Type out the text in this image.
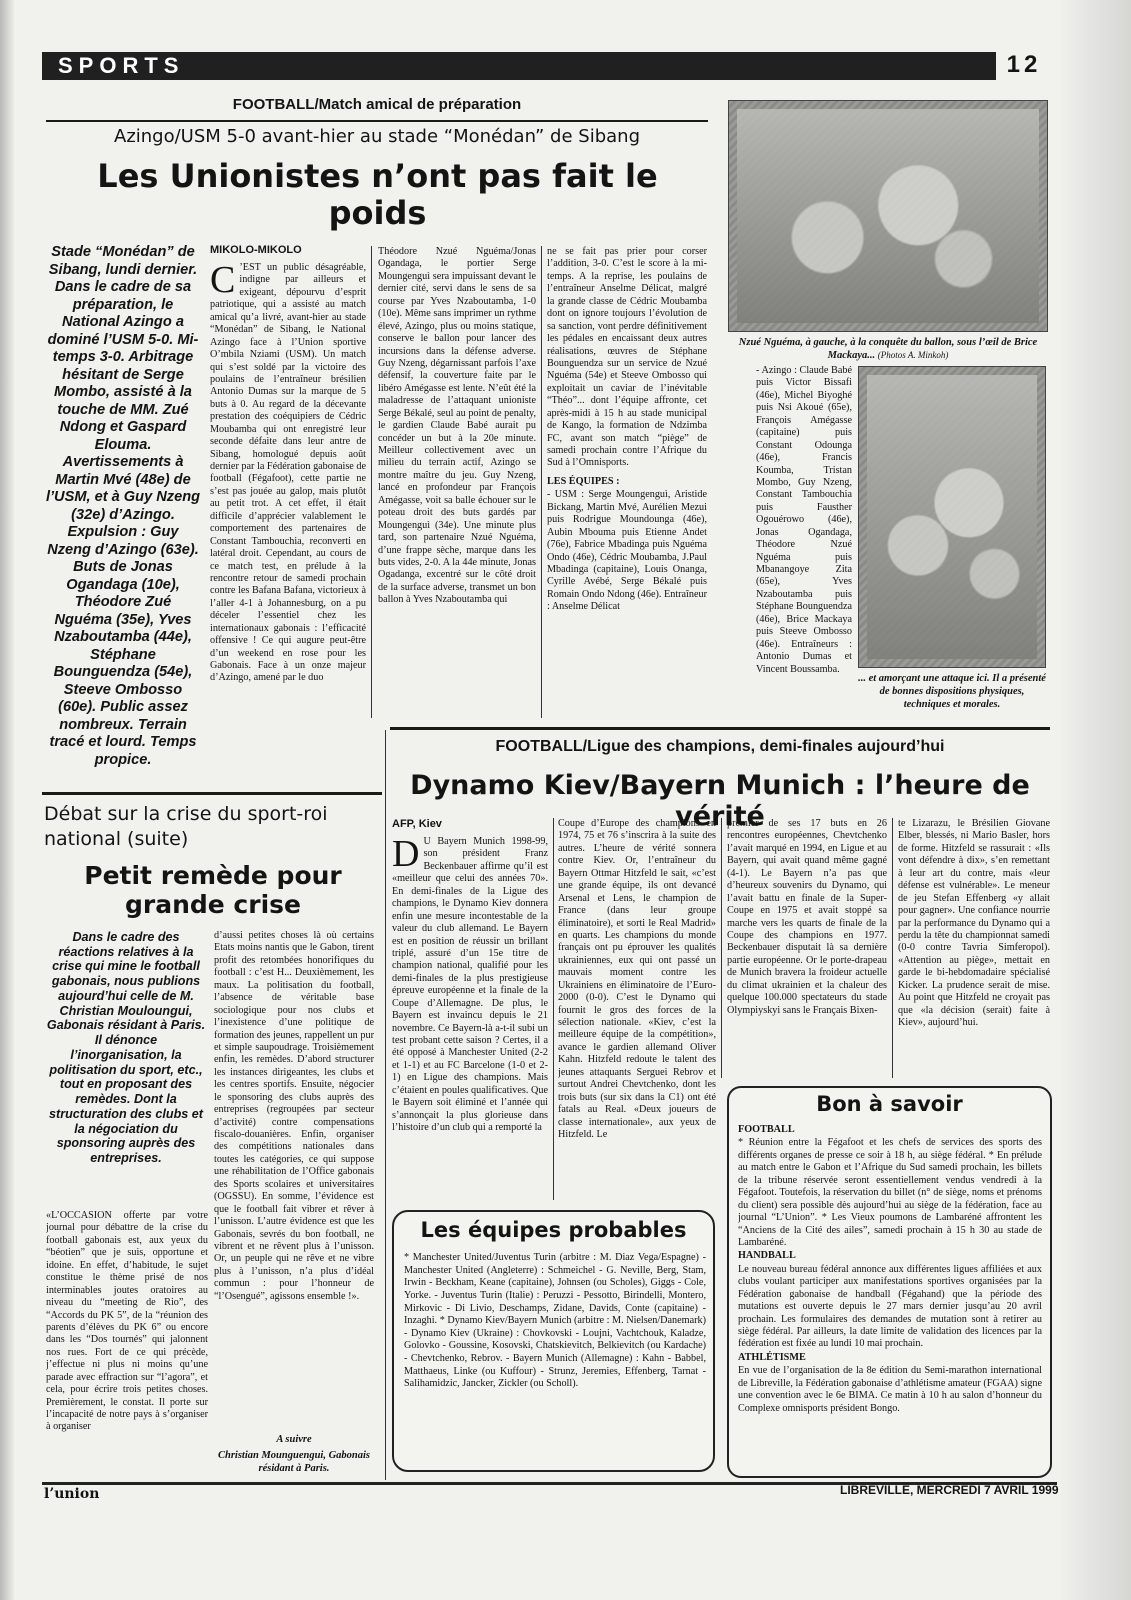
SPORTS	12
FOOTBALL/Match amical de préparation
Azingo/USM 5-0 avant-hier au stade “Monédan” de Sibang
Les Unionistes n’ont pas fait le poids
Stade “Monédan” de Sibang, lundi dernier. Dans le cadre de sa préparation, le National Azingo a dominé l’USM 5-0. Mi-temps 3-0. Arbitrage hésitant de Serge Mombo, assisté à la touche de MM. Zué Ndong et Gaspard Elouma. Avertissements à Martin Mvé (48e) de l’USM, et à Guy Nzeng (32e) d’Azingo. Expulsion : Guy Nzeng d’Azingo (63e). Buts de Jonas Ogandaga (10e), Théodore Zué Nguéma (35e), Yves Nzaboutamba (44e), Stéphane Bounguendza (54e), Steeve Ombosso (60e). Public assez nombreux. Terrain tracé et lourd. Temps propice.
MIKOLO-MIKOLO
C ’EST un public désagréable, indigne par ailleurs et exigeant, dépourvu d’esprit patriotique, qui a assisté au match amical qu’a livré, avant-hier au stade “Monédan” de Sibang, le National Azingo face à l’Union sportive O’mbila Nziami (USM). Un match qui s’est soldé par la victoire des poulains de l’entraîneur brésilien Antonio Dumas sur la marque de 5 buts à 0. Au regard de la décevante prestation des coéquipiers de Cédric Moubamba qui ont enregistré leur seconde défaite dans leur antre de Sibang, homologué depuis août dernier par la Fédération gabonaise de football (Fégafoot), cette partie ne s’est pas jouée au galop, mais plutôt au petit trot. A cet effet, il était difficile d’apprécier valablement le comportement des partenaires de Constant Tambouchia, reconverti en latéral droit. Cependant, au cours de ce match test, en prélude à la rencontre retour de samedi prochain contre les Bafana Bafana, victorieux à l’aller 4-1 à Johannesburg, on a pu déceler l’essentiel chez les internationaux gabonais : l’efficacité offensive ! Ce qui augure peut-être d’un weekend en rose pour les Gabonais. Face à un onze majeur d’Azingo, amené par le duo
Théodore Nzué Nguéma/Jonas Ogandaga, le portier Serge Moungenguì sera impuissant devant le dernier cité, servi dans le sens de sa course par Yves Nzaboutamba, 1-0 (10e). Même sans imprimer un rythme élevé, Azingo, plus ou moins statique, conserve le ballon pour lancer des incursions dans la défense adverse. Guy Nzeng, dégarnissant parfois l’axe défensif, la couverture faite par le libéro Amégasse est lente. N’eût été la maladresse de l’attaquant unioniste Serge Békalé, seul au point de penalty, le gardien Claude Babé aurait pu concéder un but à la 20e minute. Meilleur collectivement avec un milieu du terrain actif, Azingo se montre maître du jeu. Guy Nzeng, lancé en profondeur par François Amégasse, voit sa balle échouer sur le poteau droit des buts gardés par Moungenguì (34e). Une minute plus tard, son partenaire Nzué Nguéma, d’une frappe sèche, marque dans les buts vides, 2-0. A la 44e minute, Jonas Ogadanga, excentré sur le côté droit de la surface adverse, transmet un bon ballon à Yves Nzaboutamba qui

ne se fait pas prier pour corser l’addition, 3-0. C’est le score à la mi-temps. A la reprise, les poulains de l’entraîneur Anselme Délicat, malgré la grande classe de Cédric Moubamba dont on ignore toujours l’évolution de sa sanction, vont perdre définitivement les pédales en encaissant deux autres réalisations, œuvres de Stéphane Bounguendza sur un service de Nzué Nguéma (54e) et Steeve Ombosso qui exploitait un caviar de l’inévitable “Théo”... dont l’équipe affronte, cet après-midi à 15 h au stade municipal de Kango, la formation de Ndzimba FC, avant son match “piège” de samedi prochain contre l’Afrique du Sud à l’Omnisports.

LES ÉQUIPES :

- USM : Serge Moungenguì, Aristide Bickang, Martin Mvé, Aurélien Mezui puis Rodrigue Moundounga (46e), Aubin Mbouma puis Etienne Andet (76e), Fabrice Mbadinga puis Nguéma Ondo (46e), Cédric Moubamba, J.Paul Mbadinga (capitaine), Louis Onanga, Cyrille Avébé, Serge Békalé puis Romain Ondo Ndong (46e). Entraîneur : Anselme Délicat

Nzué Nguéma, à gauche, à la conquête du ballon, sous l’œil de Brice Mackaya... (Photos A. Minkoh)
- Azingo : Claude Babé puis Victor Bissafi (46e), Michel Biyoghé puis Nsi Akoué (65e), François Amégasse (capitaine) puis Constant Odounga (46e), Francis Koumba, Tristan Mombo, Guy Nzeng, Constant Tambouchia puis Fausther Ogouérowo (46e), Jonas Ogandaga, Théodore Nzué Nguéma puis Mbanangoye Zita (65e), Yves Nzaboutamba puis Stéphane Bounguendza (46e), Brice Mackaya puis Steeve Ombosso (46e). Entraîneurs : Antonio Dumas et Vincent Boussamba.
... et amorçant une attaque ici. Il a présenté de bonnes dispositions physiques, techniques et morales.
Débat sur la crise du sport-roi national (suite)
Petit remède pour grande crise
Dans le cadre des réactions relatives à la crise qui mine le football gabonais, nous publions aujourd’hui celle de M. Christian Mouloungui, Gabonais résidant à Paris. Il dénonce l’inorganisation, la politisation du sport, etc., tout en proposant des remèdes. Dont la structuration des clubs et la négociation du sponsoring auprès des entreprises.
«L’OCCASION offerte par votre journal pour débattre de la crise du football gabonais est, aux yeux du “béotien” que je suis, opportune et idoine. En effet, d’habitude, le sujet constitue le thème prisé de nos interminables joutes oratoires au niveau du “meeting de Rio”, des “Accords du PK 5”, de la “réunion des parents d’élèves du PK 6” ou encore dans les “Dos tournés” qui jalonnent nos rues. Fort de ce qui précède, j’effectue ni plus ni moins qu’une parade avec effraction sur “l’agora”, et cela, pour écrire trois petites choses. Premièrement, le constat. Il porte sur l’incapacité de notre pays à s’organiser à organiser
d’aussi petites choses là où certains Etats moins nantis que le Gabon, tirent profit des retombées honorifiques du football : c’est H... Deuxièmement, les maux. La politisation du football, l’absence de véritable base sociologique pour nos clubs et l’inexistence d’une politique de formation des jeunes, rappellent un pur et simple saupoudrage. Troisièmement enfin, les remèdes. D’abord structurer les instances dirigeantes, les clubs et les centres sportifs. Ensuite, négocier le sponsoring des clubs auprès des entreprises (regroupées par secteur d’activité) contre compensations fiscalo-douanières. Enfin, organiser des compétitions nationales dans toutes les catégories, ce qui suppose une réhabilitation de l’Office gabonais des Sports scolaires et universitaires (OGSSU). En somme, l’évidence est que le football fait vibrer et rêver à l’unisson. L’autre évidence est que les Gabonais, sevrés du bon football, ne vibrent et ne rêvent plus à l’unisson. Or, un peuple qui ne rêve et ne vibre plus à l’unisson, n’a plus d’idéal commun : pour l’honneur de “l’Osengué”, agissons ensemble !».
A suivre
Christian Mounguengui, Gabonais résidant à Paris.
FOOTBALL/Ligue des champions, demi-finales aujourd’hui
Dynamo Kiev/Bayern Munich : l’heure de vérité
AFP, Kiev
D U Bayern Munich 1998-99, son président Franz Beckenbauer affirme qu’il est «meilleur que celui des années 70». En demi-finales de la Ligue des champions, le Dynamo Kiev donnera enfin une mesure incontestable de la valeur du club allemand. Le Bayern est en position de réussir un brillant triplé, assuré d’un 15e titre de champion national, qualifié pour les demi-finales de la plus prestigieuse épreuve européenne et la finale de la Coupe d’Allemagne. De plus, le Bayern est invaincu depuis le 21 novembre. Ce Bayern-là a-t-il subi un test probant cette saison ? Certes, il a été opposé à Manchester United (2-2 et 1-1) et au FC Barcelone (1-0 et 2-1) en Ligue des champions. Mais c’étaient en poules qualificatives. Que le Bayern soit éliminé et l’année qui s’annonçait la plus glorieuse dans l’histoire d’un club qui a remporté la
Coupe d’Europe des champions en 1974, 75 et 76 s’inscrira à la suite des autres. L’heure de vérité sonnera contre Kiev. Or, l’entraîneur du Bayern Ottmar Hitzfeld le sait, «c’est une grande équipe, ils ont devancé Arsenal et Lens, le champion de France (dans leur groupe éliminatoire), et sorti le Real Madrid» en quarts. Les champions du monde français ont pu éprouver les qualités ukrainiennes, eux qui ont passé un mauvais moment contre les Ukrainiens en éliminatoire de l’Euro-2000 (0-0). C’est le Dynamo qui fournit le gros des forces de la sélection nationale. «Kiev, c’est la meilleure équipe de la compétition», avance le gardien allemand Oliver Kahn. Hitzfeld redoute le talent des jeunes attaquants Serguei Rebrov et surtout Andrei Chevtchenko, dont les trois buts (sur six dans la C1) ont été fatals au Real. «Deux joueurs de classe internationale», aux yeux de Hitzfeld. Le
premier de ses 17 buts en 26 rencontres européennes, Chevtchenko l’avait marqué en 1994, en Ligue et au Bayern, qui avait quand même gagné (4-1). Le Bayern n’a pas que d’heureux souvenirs du Dynamo, qui l’avait battu en finale de la Super-Coupe en 1975 et avait stoppé sa marche vers les quarts de finale de la Coupe des champions en 1977. Beckenbauer disputait là sa dernière partie européenne. Or le porte-drapeau de Munich bravera la froideur actuelle du climat ukrainien et la chaleur des quelque 100.000 spectateurs du stade Olympiyskyi sans le Français Bixen-
te Lizarazu, le Brésilien Giovane Elber, blessés, ni Mario Basler, hors de forme. Hitzfeld se rassurait : «Ils vont défendre à dix», s’en remettant à leur art du contre, mais «leur défense est vulnérable». Le meneur de jeu Stefan Effenberg «y allait pour gagner». Une confiance nourrie par la performance du Dynamo qui a perdu la tête du championnat samedi (0-0 contre Tavria Simferopol). «Attention au piège», mettait en garde le bi-hebdomadaire spécialisé Kicker. La prudence serait de mise. Au point que Hitzfeld ne croyait pas que «la décision (serait) faite à Kiev», aujourd’hui.
Les équipes probables
* Manchester United/Juventus Turin (arbitre : M. Diaz Vega/Espagne) - Manchester United (Angleterre) : Schmeichel - G. Neville, Berg, Stam, Irwin - Beckham, Keane (capitaine), Johnsen (ou Scholes), Giggs - Cole, Yorke. - Juventus Turin (Italie) : Peruzzi - Pessotto, Birindelli, Montero, Mirkovic - Di Livio, Deschamps, Zidane, Davids, Conte (capitaine) - Inzaghi. * Dynamo Kiev/Bayern Munich (arbitre : M. Nielsen/Danemark) - Dynamo Kiev (Ukraine) : Chovkovski - Loujni, Vachtchouk, Kaladze, Golovko - Goussine, Kosovski, Chatskievitch, Belkievitch (ou Kardache) - Chevtchenko, Rebrov. - Bayern Munich (Allemagne) : Kahn - Babbel, Matthaeus, Linke (ou Kuffour) - Strunz, Jeremies, Effenberg, Tarnat - Salihamidzic, Jancker, Zickler (ou Scholl).
Bon à savoir

FOOTBALL

* Réunion entre la Fégafoot et les chefs de services des sports des différents organes de presse ce soir à 18 h, au siège fédéral. * En prélude au match entre le Gabon et l’Afrique du Sud samedi prochain, les billets de la tribune réservée seront essentiellement vendus vendredi à la Fégafoot. Toutefois, la réservation du billet (n° de siège, noms et prénoms du client) sera possible dès aujourd’hui au siège de la fédération, face au journal “L’Union”. * Les Vieux poumons de Lambaréné affrontent les “Anciens de la Cité des ailes”, samedi prochain à 15 h 30 au stade de Lambaréné.

HANDBALL

Le nouveau bureau fédéral annonce aux différentes ligues affiliées et aux clubs voulant participer aux manifestations sportives organisées par la Fédération gabonaise de handball (Fégahand) que la période des mutations est ouverte depuis le 27 mars dernier jusqu’au 20 avril prochain. Les formulaires des demandes de mutation sont à retirer au siège fédéral. Par ailleurs, la date limite de validation des licences par la fédération est fixée au lundi 10 mai prochain.

ATHLÉTISME

En vue de l’organisation de la 8e édition du Semi-marathon international de Libreville, la Fédération gabonaise d’athlétisme amateur (FGAA) signe une convention avec le 6e BIMA. Ce matin à 10 h au salon d’honneur du Complexe omnisports président Bongo.

l’union	LIBREVILLE, MERCREDI 7 AVRIL 1999
